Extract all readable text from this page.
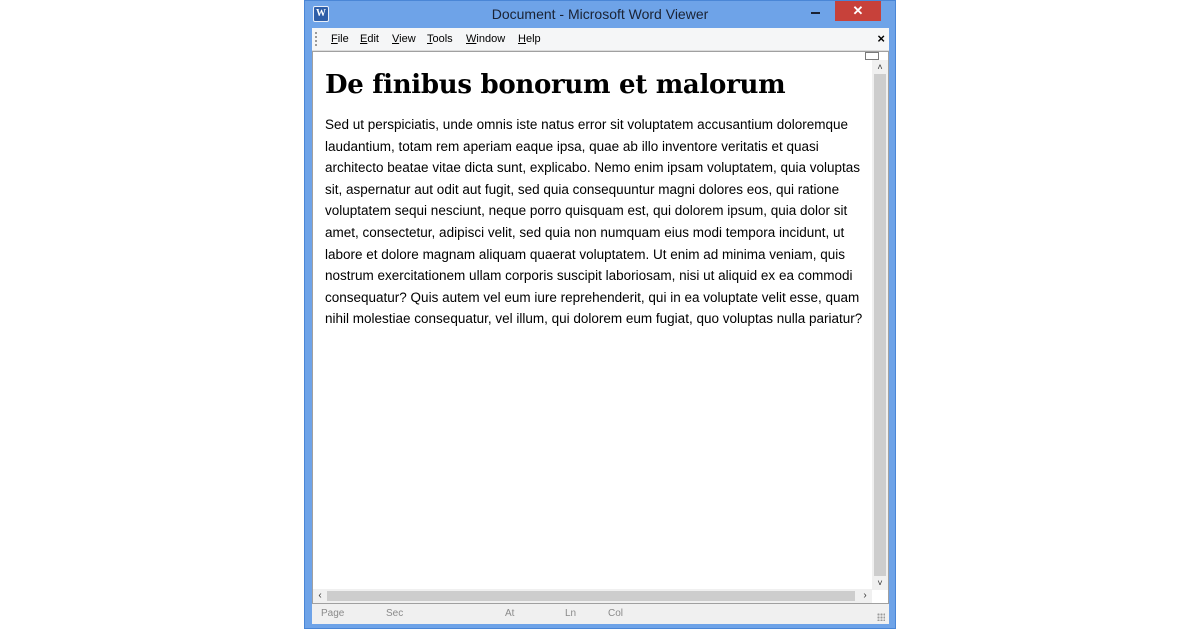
W	Document - Microsoft Word Viewer	✕
File Edit View Tools Window Help	×
De finibus bonorum et malorum

Sed ut perspiciatis, unde omnis iste natus error sit voluptatem accusantium doloremque laudantium, totam rem aperiam eaque ipsa, quae ab illo inventore veritatis et quasi architecto beatae vitae dicta sunt, explicabo. Nemo enim ipsam voluptatem, quia voluptas sit, aspernatur aut odit aut fugit, sed quia consequuntur magni dolores eos, qui ratione voluptatem sequi nesciunt, neque porro quisquam est, qui dolorem ipsum, quia dolor sit amet, consectetur, adipisci velit, sed quia non numquam eius modi tempora incidunt, ut labore et dolore magnam aliquam quaerat voluptatem. Ut enim ad minima veniam, quis nostrum exercitationem ullam corporis suscipit laboriosam, nisi ut aliquid ex ea commodi consequatur? Quis autem vel eum iure reprehenderit, qui in ea voluptate velit esse, quam nihil molestiae consequatur, vel illum, qui dolorem eum fugiat, quo voluptas nulla pariatur?

˄
˅
‹	›
Page	Sec	At	Ln	Col
